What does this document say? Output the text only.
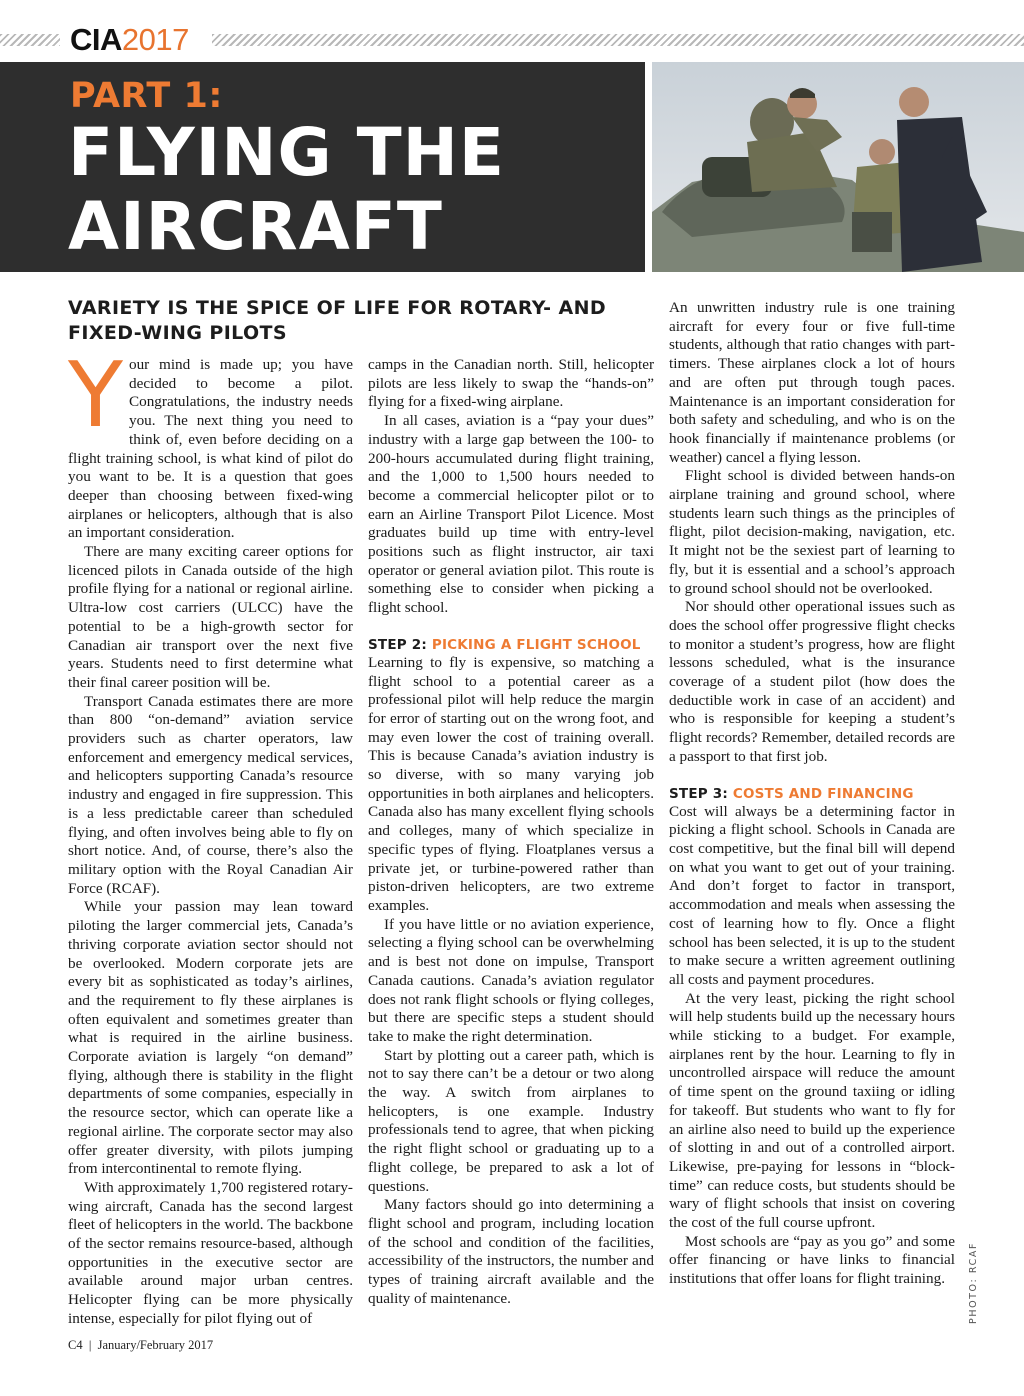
CIA2017
PART 1:
FLYING THE
AIRCRAFT
VARIETY IS THE SPICE OF LIFE FOR ROTARY- AND FIXED-WING PILOTS

Your mind is made up; you have decided to become a pilot. Congratulations, the industry needs you. The next thing you need to think of, even before deciding on a flight training school, is what kind of pilot do you want to be. It is a question that goes deeper than choosing between fixed-wing airplanes or helicopters, although that is also an important consideration.

There are many exciting career options for licenced pilots in Canada outside of the high profile flying for a national or regional airline. Ultra-low cost carriers (ULCC) have the potential to be a high-growth sector for Canadian air transport over the next five years. Students need to first determine what their final career position will be.

Transport Canada estimates there are more than 800 “on-demand” aviation service providers such as charter operators, law enforcement and emergency medical services, and helicopters supporting Canada’s resource industry and engaged in fire suppression. This is a less predictable career than scheduled flying, and often involves being able to fly on short notice. And, of course, there’s also the military option with the Royal Canadian Air Force (RCAF).

While your passion may lean toward piloting the larger commercial jets, Canada’s thriving corporate aviation sector should not be overlooked. Modern corporate jets are every bit as sophisticated as today’s airlines, and the requirement to fly these airplanes is often equivalent and sometimes greater than what is required in the airline business. Corporate aviation is largely “on demand” flying, although there is stability in the flight departments of some companies, especially in the resource sector, which can operate like a regional airline. The corporate sector may also offer greater diversity, with pilots jumping from intercontinental to remote flying.

With approximately 1,700 registered rotary-wing aircraft, Canada has the second largest fleet of helicopters in the world. The backbone of the sector remains resource-based, although opportunities in the executive sector are available around major urban centres. Helicopter flying can be more physically intense, especially for pilot flying out of

camps in the Canadian north. Still, helicopter pilots are less likely to swap the “hands-on” flying for a fixed-wing airplane.

In all cases, aviation is a “pay your dues” industry with a large gap between the 100- to 200-hours accumulated during flight training, and the 1,000 to 1,500 hours needed to become a commercial helicopter pilot or to earn an Airline Transport Pilot Licence. Most graduates build up time with entry-level positions such as flight instructor, air taxi operator or general aviation pilot. This route is something else to consider when picking a flight school.

STEP 2: PICKING A FLIGHT SCHOOL

Learning to fly is expensive, so matching a flight school to a potential career as a professional pilot will help reduce the margin for error of starting out on the wrong foot, and may even lower the cost of training overall. This is because Canada’s aviation industry is so diverse, with so many varying job opportunities in both airplanes and helicopters. Canada also has many excellent flying schools and colleges, many of which specialize in specific types of flying. Floatplanes versus a private jet, or turbine-powered rather than piston-driven helicopters, are two extreme examples.

If you have little or no aviation experience, selecting a flying school can be overwhelming and is best not done on impulse, Transport Canada cautions. Canada’s aviation regulator does not rank flight schools or flying colleges, but there are specific steps a student should take to make the right determination.

Start by plotting out a career path, which is not to say there can’t be a detour or two along the way. A switch from airplanes to helicopters, is one example. Industry professionals tend to agree, that when picking the right flight school or graduating up to a flight college, be prepared to ask a lot of questions.

Many factors should go into determining a flight school and program, including location of the school and condition of the facilities, accessibility of the instructors, the number and types of training aircraft available and the quality of maintenance.

An unwritten industry rule is one training aircraft for every four or five full-time students, although that ratio changes with part-timers. These airplanes clock a lot of hours and are often put through tough paces. Maintenance is an important consideration for both safety and scheduling, and who is on the hook financially if maintenance problems (or weather) cancel a flying lesson.

Flight school is divided between hands-on airplane training and ground school, where students learn such things as the principles of flight, pilot decision-making, navigation, etc. It might not be the sexiest part of learning to fly, but it is essential and a school’s approach to ground school should not be overlooked.

Nor should other operational issues such as does the school offer progressive flight checks to monitor a student’s progress, how are flight lessons scheduled, what is the insurance coverage of a student pilot (how does the deductible work in case of an accident) and who is responsible for keeping a student’s flight records? Remember, detailed records are a passport to that first job.

STEP 3: COSTS AND FINANCING

Cost will always be a determining factor in picking a flight school. Schools in Canada are cost competitive, but the final bill will depend on what you want to get out of your training. And don’t forget to factor in transport, accommodation and meals when assessing the cost of learning how to fly. Once a flight school has been selected, it is up to the student to make secure a written agreement outlining all costs and payment procedures.

At the very least, picking the right school will help students build up the necessary hours while sticking to a budget. For example, airplanes rent by the hour. Learning to fly in uncontrolled airspace will reduce the amount of time spent on the ground taxiing or idling for takeoff. But students who want to fly for an airline also need to build up the experience of slotting in and out of a controlled airport. Likewise, pre-paying for lessons in “block-time” can reduce costs, but students should be wary of flight schools that insist on covering the cost of the full course upfront.

Most schools are “pay as you go” and some offer financing or have links to financial institutions that offer loans for flight training.	PHOTO: RCAF
C4  |  January/February 2017
